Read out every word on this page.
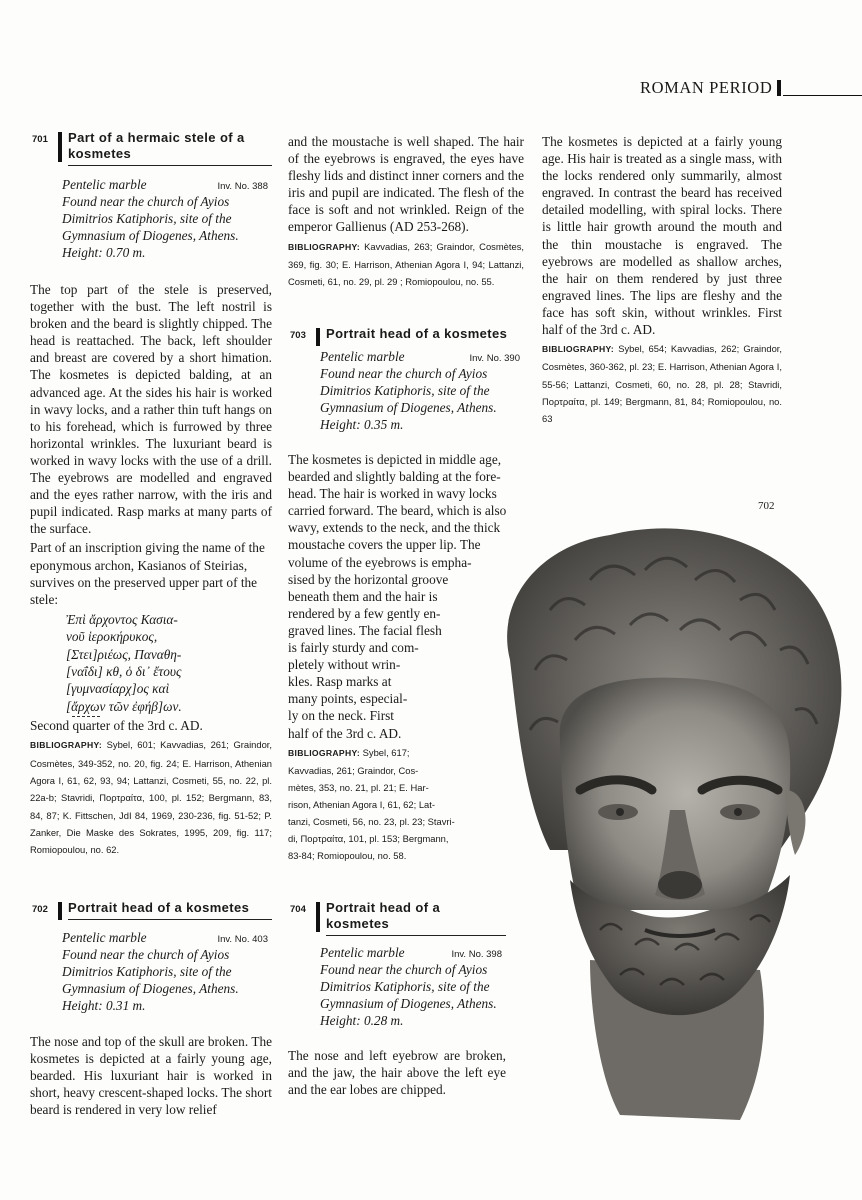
ROMAN PERIOD
701 Part of a hermaic stele of a kosmetes
Pentelic marble	Inv. No. 388
Found near the church of Ayios Dimitrios Katiphoris, site of the Gymnasium of Diogenes, Athens.
Height: 0.70 m.
The top part of the stele is preserved, together with the bust. The left nostril is broken and the beard is slightly chipped. The head is reattached. The back, left shoulder and breast are covered by a short himation. The kosmetes is depicted balding, at an advanced age. At the sides his hair is worked in wavy locks, and a rather thin tuft hangs on to his forehead, which is furrowed by three horizontal wrinkles. The luxuriant beard is worked in wavy locks with the use of a drill. The eyebrows are modelled and engraved and the eyes rather narrow, with the iris and pupil indicated. Rasp marks at many parts of the surface.
Part of an inscription giving the name of the eponymous archon, Kasianos of Steirias, survives on the preserved upper part of the stele:
Ἐπὶ ἄρχοντος Κασια-
νοῦ ἱεροκήρυκος,
[Στει]ριέως, Παναθη-
[ναΐδι] κθ, ὁ δι᾽ ἔτους
[γυμνασίαρχ]ος καὶ
[ἄρχων τῶν ἐφήβ]ων.
Second quarter of the 3rd c. AD.
BIBLIOGRAPHY: Sybel, 601; Kavvadias, 261; Graindor, Cosmètes, 349-352, no. 20, fig. 24; E. Harrison, Athenian Agora I, 61, 62, 93, 94; Lattanzi, Cosmeti, 55, no. 22, pl. 22a-b; Stavridi, Πορτραίτα, 100, pl. 152; Bergmann, 83, 84, 87; K. Fittschen, JdI 84, 1969, 230-236, fig. 51-52; P. Zanker, Die Maske des Sokrates, 1995, 209, fig. 117; Romiopoulou, no. 62.
702 Portrait head of a kosmetes
Pentelic marble	Inv. No. 403
Found near the church of Ayios Dimitrios Katiphoris, site of the Gymnasium of Diogenes, Athens.
Height: 0.31 m.
The nose and top of the skull are broken. The kosmetes is depicted at a fairly young age, bearded. His luxuriant hair is worked in short, heavy crescent-shaped locks. The short beard is rendered in very low relief
and the moustache is well shaped. The hair of the eyebrows is engraved, the eyes have fleshy lids and distinct inner corners and the iris and pupil are indicated. The flesh of the face is soft and not wrinkled. Reign of the emperor Gallienus (AD 253-268).
BIBLIOGRAPHY: Kavvadias, 263; Graindor, Cosmètes, 369, fig. 30; E. Harrison, Athenian Agora I, 94; Lattanzi, Cosmeti, 61, no. 29, pl. 29 ; Romiopoulou, no. 55.
703 Portrait head of a kosmetes
Pentelic marble	Inv. No. 390
Found near the church of Ayios Dimitrios Katiphoris, site of the Gymnasium of Diogenes, Athens.
Height: 0.35 m.
The kosmetes is depicted in middle age,
bearded and slightly balding at the fore-
head. The hair is worked in wavy locks
carried forward. The beard, which is also
wavy, extends to the neck, and the thick
moustache covers the upper lip. The
volume of the eyebrows is empha-
sised by the horizontal groove
beneath them and the hair is
rendered by a few gently en-
graved lines. The facial flesh
is fairly sturdy and com-
pletely without wrin-
kles. Rasp marks at
many points, especial-
ly on the neck. First
half of the 3rd c. AD.
BIBLIOGRAPHY: Sybel, 617;
Kavvadias, 261; Graindor, Cos-
mètes, 353, no. 21, pl. 21; E. Har-
rison, Athenian Agora I, 61, 62; Lat-
tanzi, Cosmeti, 56, no. 23, pl. 23; Stavri-
di, Πορτραίτα, 101, pl. 153; Bergmann,
83-84; Romiopoulou, no. 58.
704 Portrait head of a kosmetes
Pentelic marble	Inv. No. 398
Found near the church of Ayios Dimitrios Katiphoris, site of the Gymnasium of Diogenes, Athens.
Height: 0.28 m.
The nose and left eyebrow are broken, and the jaw, the hair above the left eye and the ear lobes are chipped.
The kosmetes is depicted at a fairly young age. His hair is treated as a single mass, with the locks rendered only summarily, almost engraved. In contrast the beard has received detailed modelling, with spiral locks. There is little hair growth around the mouth and the thin moustache is engraved. The eyebrows are modelled as shallow arches, the hair on them rendered by just three engraved lines. The lips are fleshy and the face has soft skin, without wrinkles. First half of the 3rd c. AD.
BIBLIOGRAPHY: Sybel, 654; Kavvadias, 262; Graindor, Cosmètes, 360-362, pl. 23; E. Harrison, Athenian Agora I, 55-56; Lattanzi, Cosmeti, 60, no. 28, pl. 28; Stavridi, Πορτραίτα, pl. 149; Bergmann, 81, 84; Romiopoulou, no. 63
702
